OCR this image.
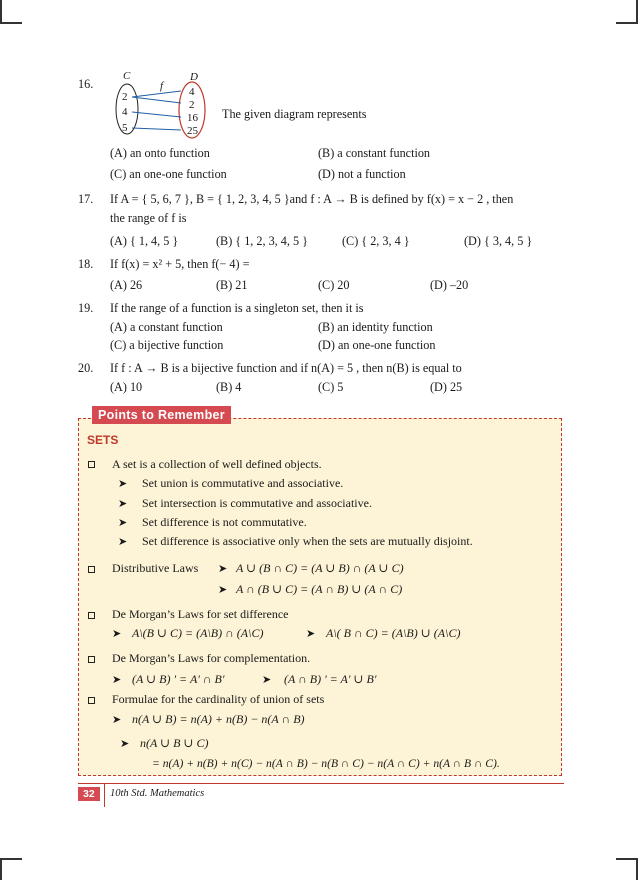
16.
C	D
f
2
4
5
4
2
16
25
The given diagram represents
(A) an onto function	(B) a constant function
(C) an one-one function	(D) not a function
17. If A = { 5, 6, 7 }, B = { 1, 2, 3, 4, 5 }and f : A → B is defined by f(x) = x − 2 , then
the range of f is
(A) { 1, 4, 5 }	(B) { 1, 2, 3, 4, 5 }	(C) { 2, 3, 4 }	(D) { 3, 4, 5 }
18. If f(x) = x² + 5, then f(− 4) =
(A) 26	(B) 21	(C) 20	(D) –20
19. If the range of a function is a singleton set, then it is
(A) a constant function	(B) an identity function
(C) a bijective function	(D) an one-one function
20. If f : A → B is a bijective function and if n(A) = 5 , then n(B) is equal to
(A) 10	(B) 4	(C) 5	(D) 25
Points to Remember
SETS
A set is a collection of well defined objects.
➤ Set union is commutative and associative.
➤ Set intersection is commutative and associative.
➤ Set difference is not commutative.
➤ Set difference is associative only when the sets are mutually disjoint.
Distributive Laws ➤ A ∪ (B ∩ C) = (A ∪ B) ∩ (A ∪ C)
➤ A ∩ (B ∪ C) = (A ∩ B) ∪ (A ∩ C)
De Morgan’s Laws for set difference
➤ A\(B ∪ C) = (A\B) ∩ (A\C)	➤ A\( B ∩ C) = (A\B) ∪ (A\C)
De Morgan’s Laws for complementation.
➤ (A ∪ B) ' = A' ∩ B'	➤ (A ∩ B) ' = A' ∪ B'
Formulae for the cardinality of union of sets
➤ n(A ∪ B) = n(A) + n(B) − n(A ∩ B)
➤ n(A ∪ B ∪ C)
= n(A) + n(B) + n(C) − n(A ∩ B) − n(B ∩ C) − n(A ∩ C) + n(A ∩ B ∩ C).
32	10th Std. Mathematics
